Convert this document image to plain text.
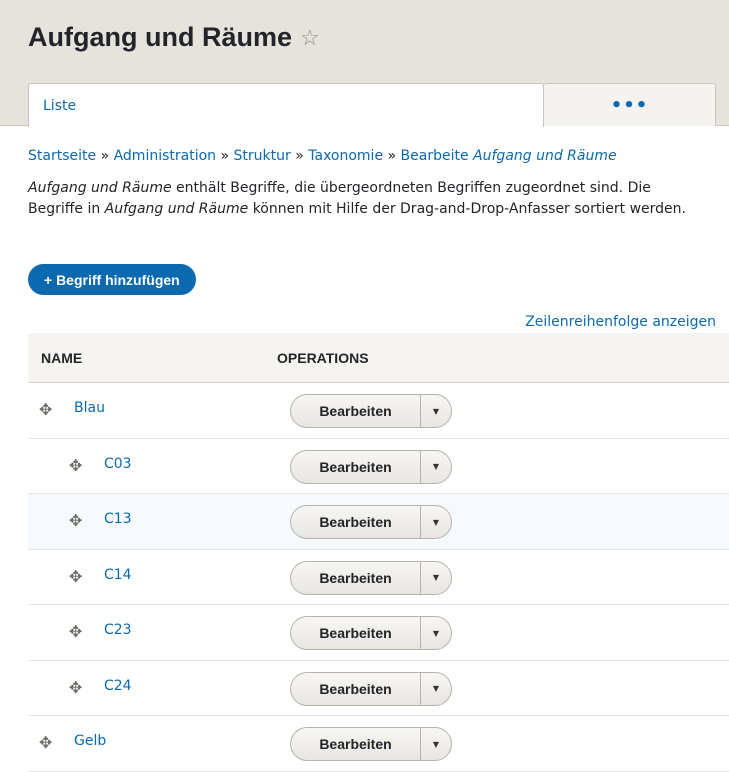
Aufgang und Räume ☆
Liste	•••
Startseite » Administration » Struktur » Taxonomie » Bearbeite Aufgang und Räume

Aufgang und Räume enthält Begriffe, die übergeordneten Begriffen zugeordnet sind. Die Begriffe in Aufgang und Räume können mit Hilfe der Drag-and-Drop-Anfasser sortiert werden.

+ Begriff hinzufügen
Zeilenreihenfolge anzeigen
NAME	OPERATIONS
✥ Blau	Bearbeiten	▼
✥ C03	Bearbeiten	▼
✥ C13	Bearbeiten	▼
✥ C14	Bearbeiten	▼
✥ C23	Bearbeiten	▼
✥ C24	Bearbeiten	▼
✥ Gelb	Bearbeiten	▼
